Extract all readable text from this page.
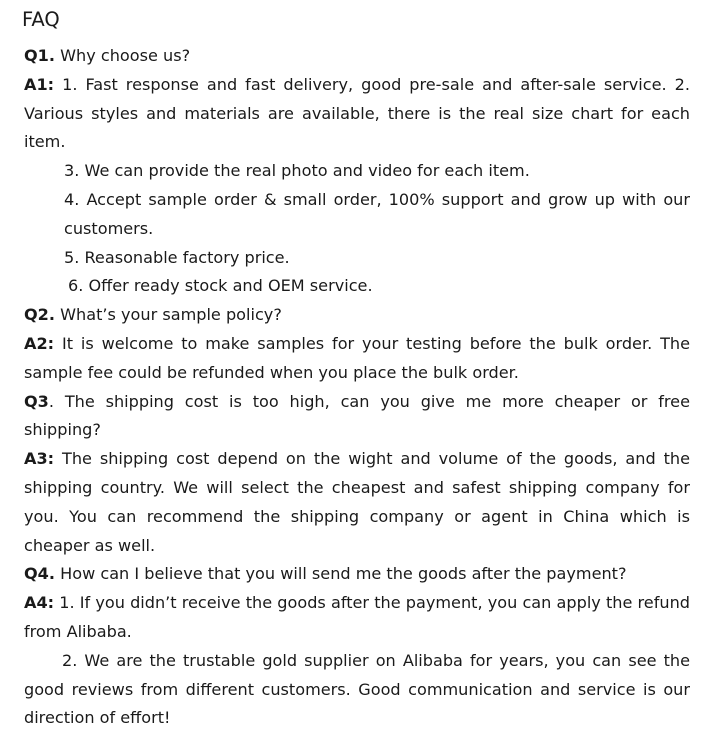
FAQ

Q1. Why choose us?

A1: 1. Fast response and fast delivery, good pre-sale and after-sale service. 2. Various styles and materials are available, there is the real size chart for each item.

3. We can provide the real photo and video for each item.
4. Accept sample order & small order, 100% support and grow up with our customers.
5. Reasonable factory price.
6. Offer ready stock and OEM service.

Q2. What’s your sample policy?

A2: It is welcome to make samples for your testing before the bulk order. The sample fee could be refunded when you place the bulk order.

Q3. The shipping cost is too high, can you give me more cheaper or free shipping?

A3: The shipping cost depend on the wight and volume of the goods, and the shipping country. We will select the cheapest and safest shipping company for you. You can recommend the shipping company or agent in China which is cheaper as well.

Q4. How can I believe that you will send me the goods after the payment?

A4: 1. If you didn’t receive the goods after the payment, you can apply the refund from Alibaba.

2. We are the trustable gold supplier on Alibaba for years, you can see the good reviews from different customers. Good communication and service is our direction of effort!
